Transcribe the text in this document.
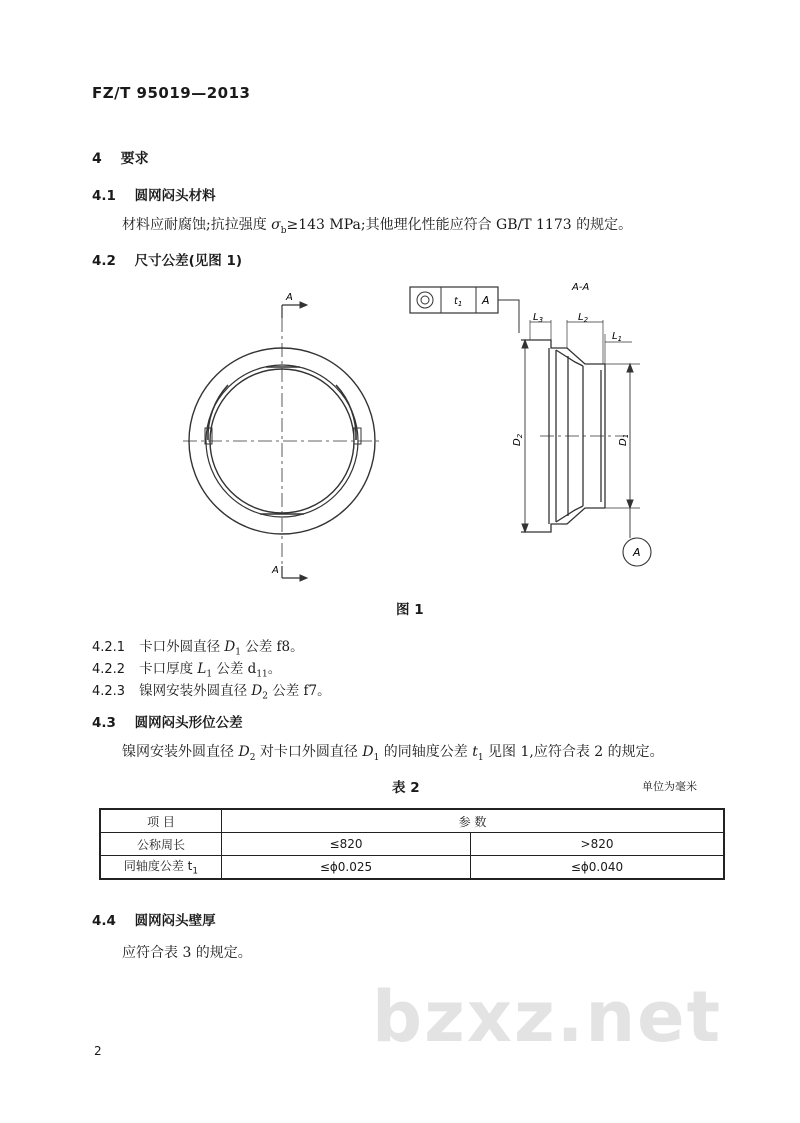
FZ/T 95019—2013
4 要求
4.1 圆网闷头材料
材料应耐腐蚀;抗拉强度 $\sigma_b\ge 143$ MPa;其他理化性能应符合 GB/T 1173 的规定。
4.2 尺寸公差(见图 1)
A
A
A-A
$t_1$ A
A
$L_3$	$L_2$
$L_1$
$D_2$
$D_1$
图 1
4.2.1 卡口外圆直径 $D_1$ 公差 f8。
4.2.2 卡口厚度 $L_1$ 公差 $d_{11}$。
4.2.3 镍网安装外圆直径 $D_2$ 公差 f7。
4.3 圆网闷头形位公差
镍网安装外圆直径 $D_2$ 对卡口外圆直径 $D_1$ 的同轴度公差 $t_1$ 见图 1,应符合表 2 的规定。
表 2	单位为毫米
项 目	参 数	
公称周长	≤820	>820
同轴度公差 $t_1$	≤ϕ0.025	≤ϕ0.040
4.4 圆网闷头壁厚
应符合表 3 的规定。
bzxz.net
2
